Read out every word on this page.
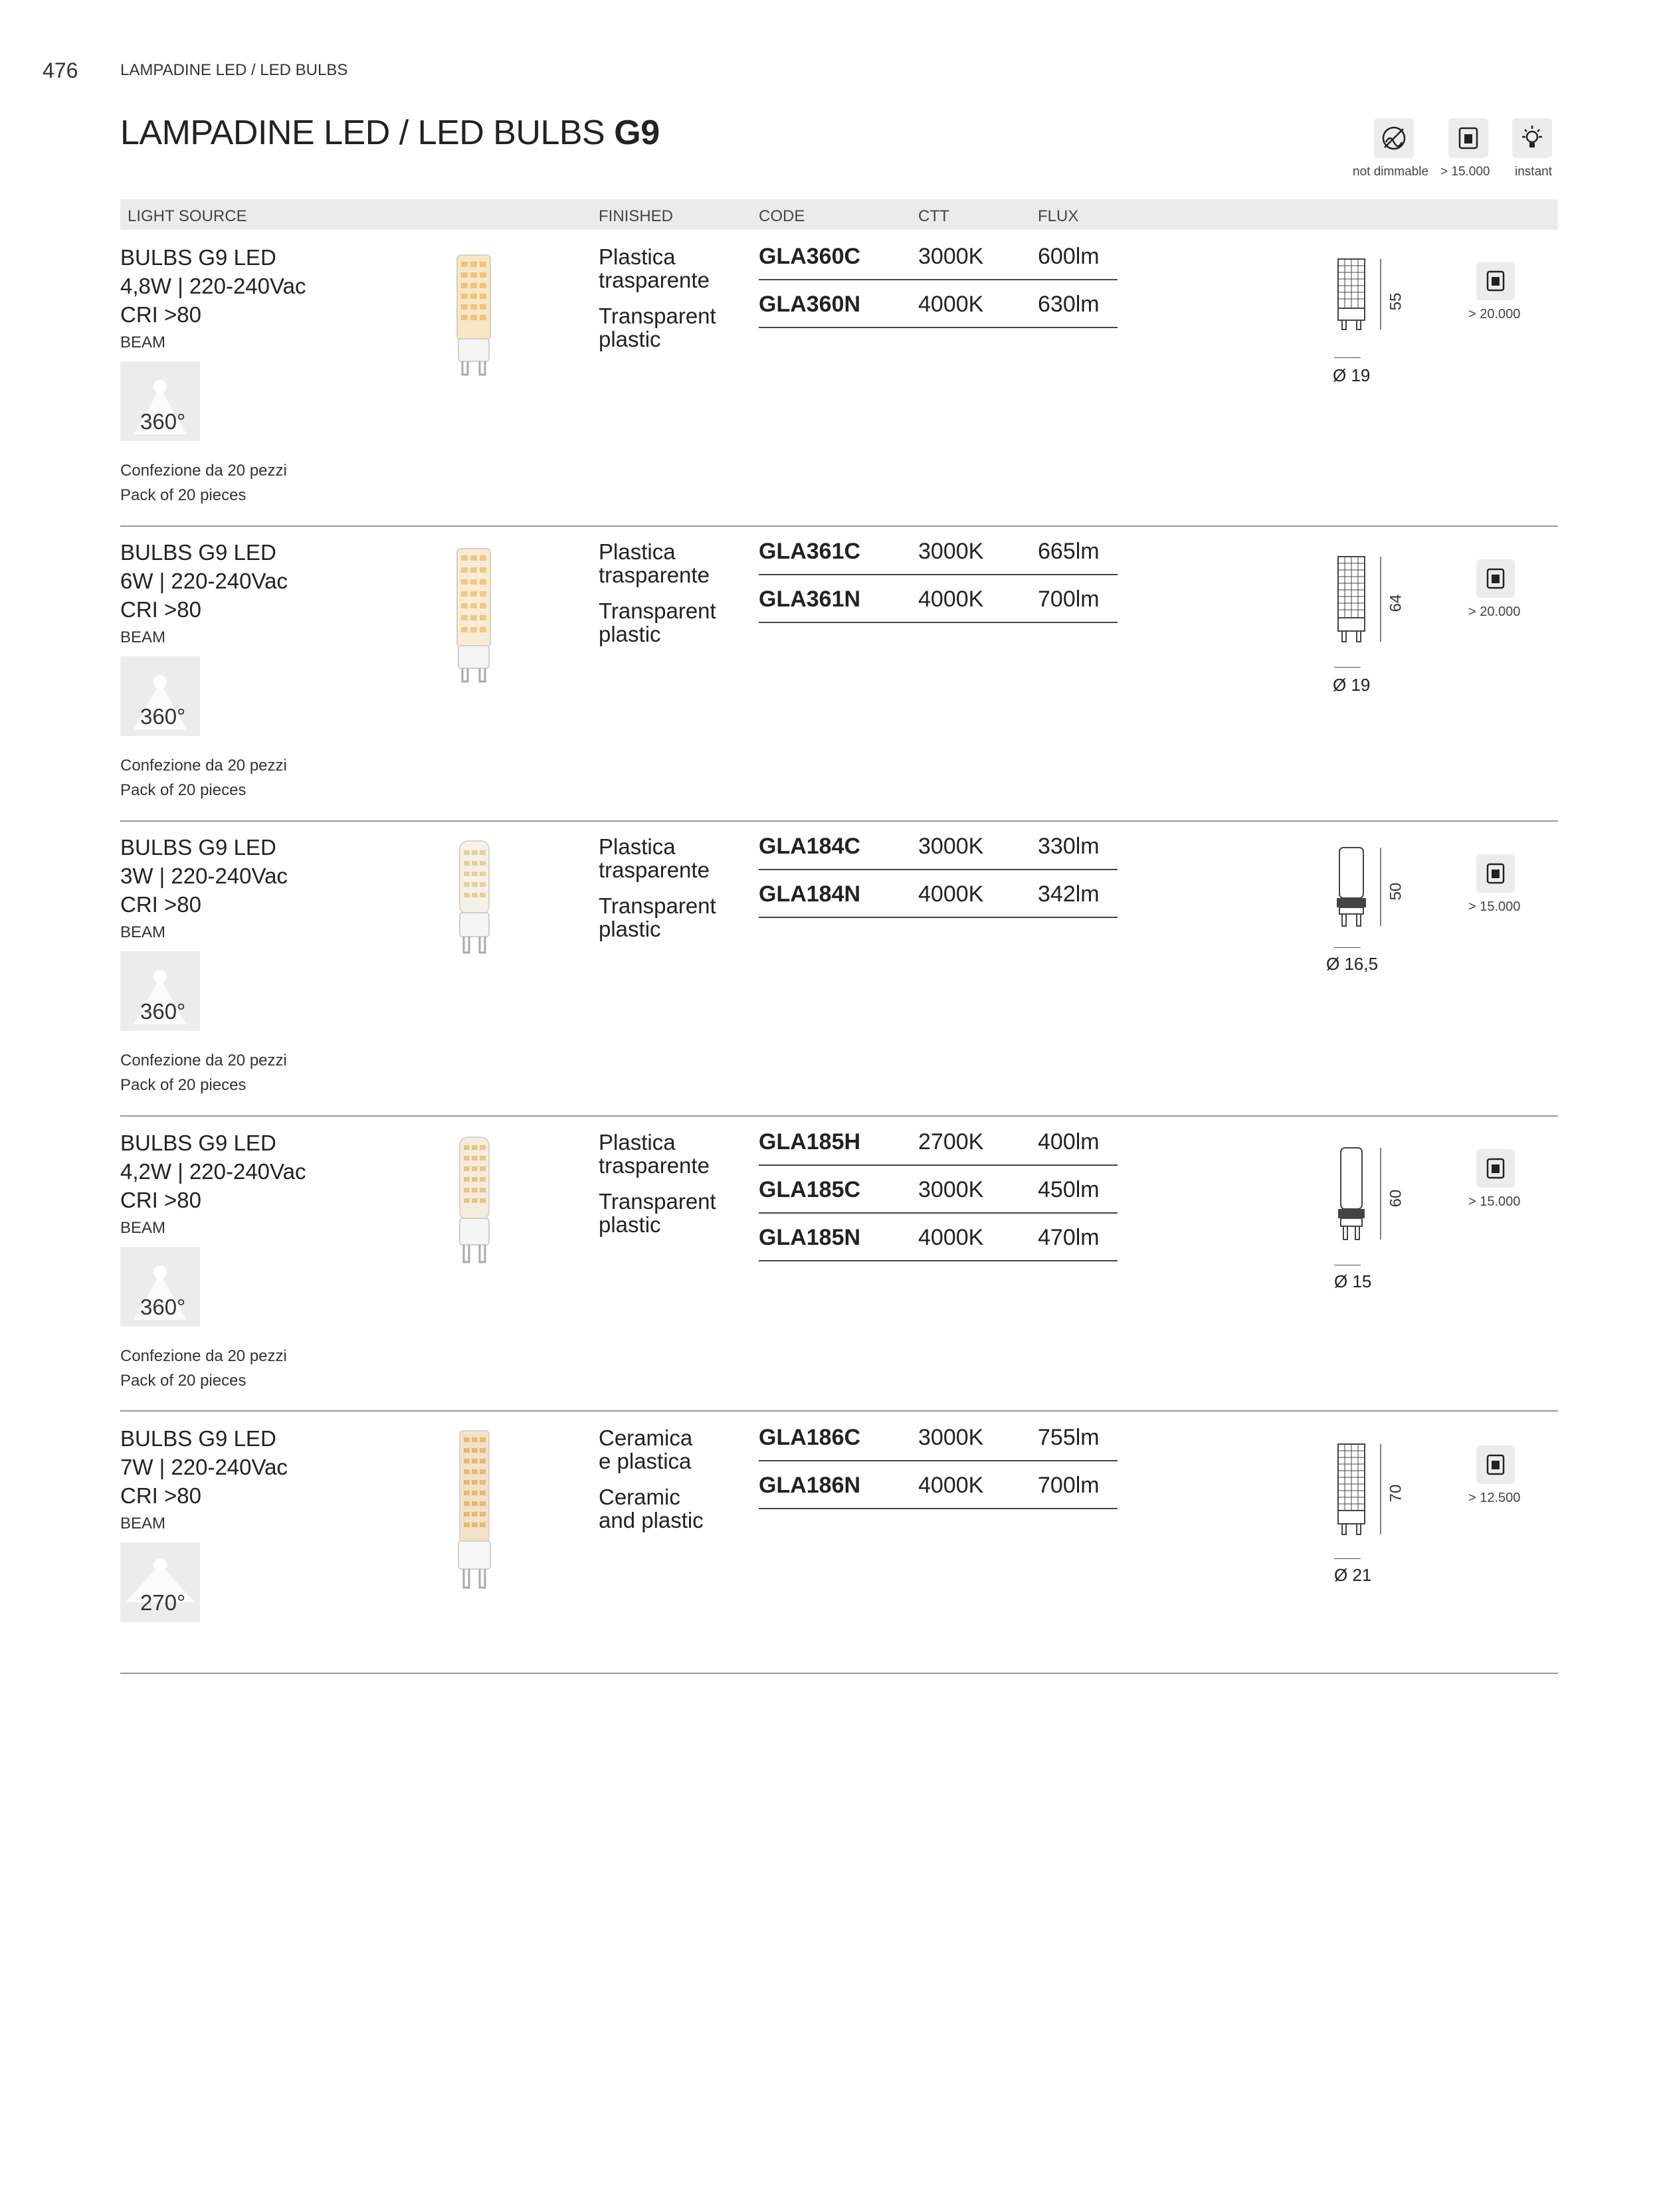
476	LAMPADINE LED / LED BULBS
LAMPADINE LED / LED BULBS G9
not dimmable > 15.000 instant
LIGHT SOURCE	FINISHED	CODE	CTT	FLUX
BULBS G9 LED
4,8W | 220-240Vac
CRI >80
BEAM
360°
Confezione da 20 pezzi
Pack of 20 pieces
Plastica
trasparente
Transparent
plastic
GLA360C	3000K 600lm
GLA360N	4000K 630lm	55
Ø 19
> 20.000
BULBS G9 LED
6W | 220-240Vac
CRI >80
BEAM
360°
Confezione da 20 pezzi
Pack of 20 pieces
Plastica
trasparente
Transparent
plastic
GLA361C	3000K 665lm
GLA361N	4000K 700lm	64
Ø 19
> 20.000
BULBS G9 LED
3W | 220-240Vac
CRI >80
BEAM
360°
Confezione da 20 pezzi
Pack of 20 pieces
Plastica
trasparente
Transparent
plastic
GLA184C	3000K 330lm
GLA184N	4000K 342lm	50
Ø 16,5
> 15.000
BULBS G9 LED
4,2W | 220-240Vac
CRI >80
BEAM
360°
Confezione da 20 pezzi
Pack of 20 pieces
Plastica
trasparente
Transparent
plastic
GLA185H	2700K 400lm
GLA185C	3000K 450lm
GLA185N	4000K 470lm
60
Ø 15
> 15.000
BULBS G9 LED
7W | 220-240Vac
CRI >80
BEAM
270°
Ceramica
e plastica
Ceramic
and plastic
GLA186C	3000K 755lm
GLA186N	4000K 700lm	70
Ø 21
> 12.500
